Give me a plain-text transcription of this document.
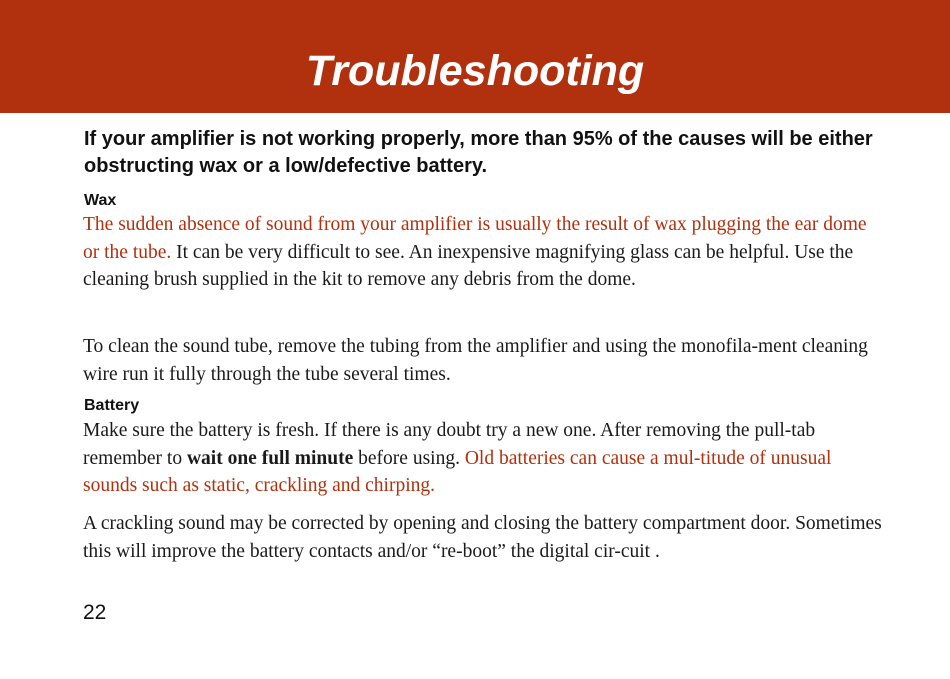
Troubleshooting

If your amplifier is not working properly, more than 95% of the causes will be either obstructing wax or a low/defective battery.

Wax

The sudden absence of sound from your amplifier is usually the result of wax plugging the ear dome or the tube. It can be very difficult to see. An inexpensive magnifying glass can be helpful. Use the cleaning brush supplied in the kit to remove any debris from the dome.

To clean the sound tube, remove the tubing from the amplifier and using the monofila-ment cleaning wire run it fully through the tube several times.

Battery

Make sure the battery is fresh. If there is any doubt try a new one. After removing the pull-tab remember to wait one full minute before using. Old batteries can cause a mul-titude of unusual sounds such as static, crackling and chirping.

A crackling sound may be corrected by opening and closing the battery compartment door. Sometimes this will improve the battery contacts and/or “re-boot” the digital cir-cuit .

22
